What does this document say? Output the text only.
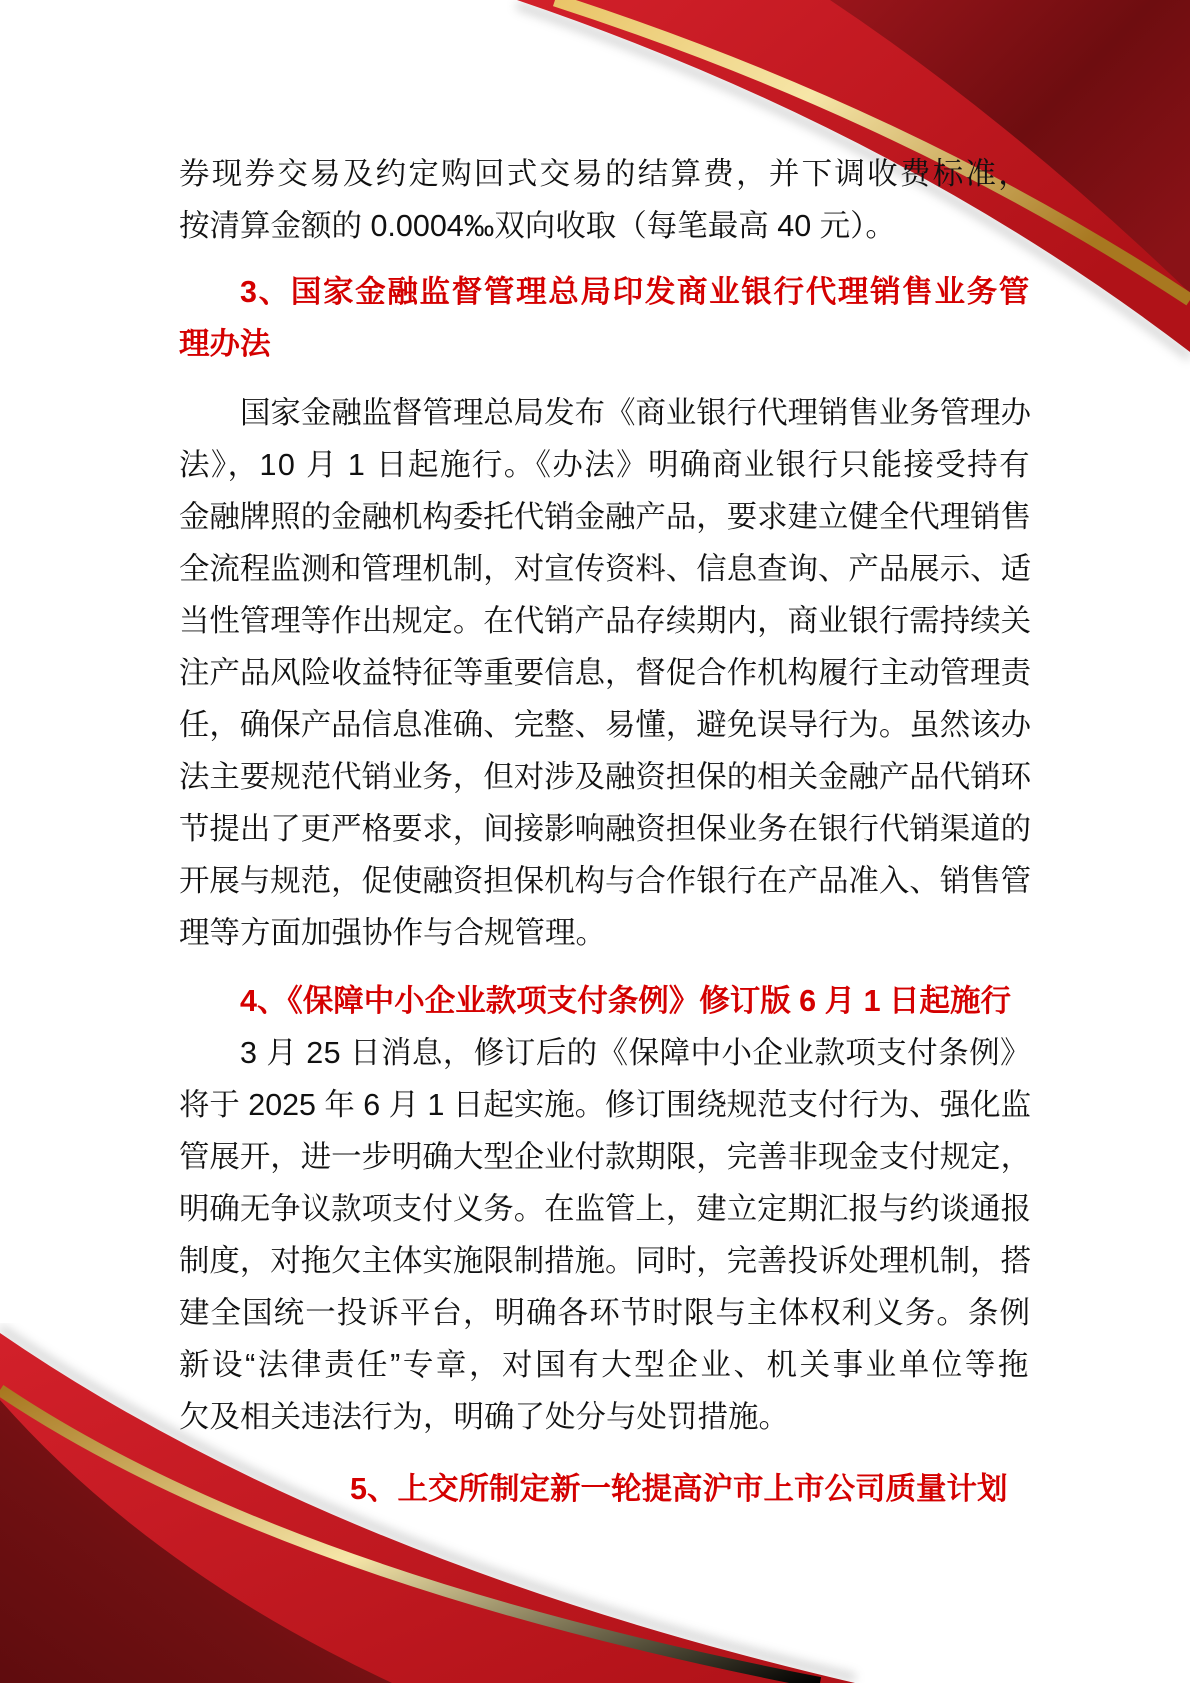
券现券交易及约定购回式交易的结算费，并下调收费标准，
按清算金额的 0.0004‰双向收取（每笔最高 40 元）。
3、国家金融监督管理总局印发商业银行代理销售业务管
理办法
国家金融监督管理总局发布《商业银行代理销售业务管理办
法》，10 月 1 日起施行。《办法》明确商业银行只能接受持有
金融牌照的金融机构委托代销金融产品，要求建立健全代理销售
全流程监测和管理机制，对宣传资料、信息查询、产品展示、适
当性管理等作出规定。在代销产品存续期内，商业银行需持续关
注产品风险收益特征等重要信息，督促合作机构履行主动管理责
任，确保产品信息准确、完整、易懂，避免误导行为。虽然该办
法主要规范代销业务，但对涉及融资担保的相关金融产品代销环
节提出了更严格要求，间接影响融资担保业务在银行代销渠道的
开展与规范，促使融资担保机构与合作银行在产品准入、销售管
理等方面加强协作与合规管理。
4、《保障中小企业款项支付条例》修订版 6 月 1 日起施行
3 月 25 日消息，修订后的《保障中小企业款项支付条例》
将于 2025 年 6 月 1 日起实施。修订围绕规范支付行为、强化监
管展开，进一步明确大型企业付款期限，完善非现金支付规定，
明确无争议款项支付义务。在监管上，建立定期汇报与约谈通报
制度，对拖欠主体实施限制措施。同时，完善投诉处理机制，搭
建全国统一投诉平台，明确各环节时限与主体权利义务。条例
新设“法律责任”专章，对国有大型企业、机关事业单位等拖
欠及相关违法行为，明确了处分与处罚措施。
5、上交所制定新一轮提高沪市上市公司质量计划
